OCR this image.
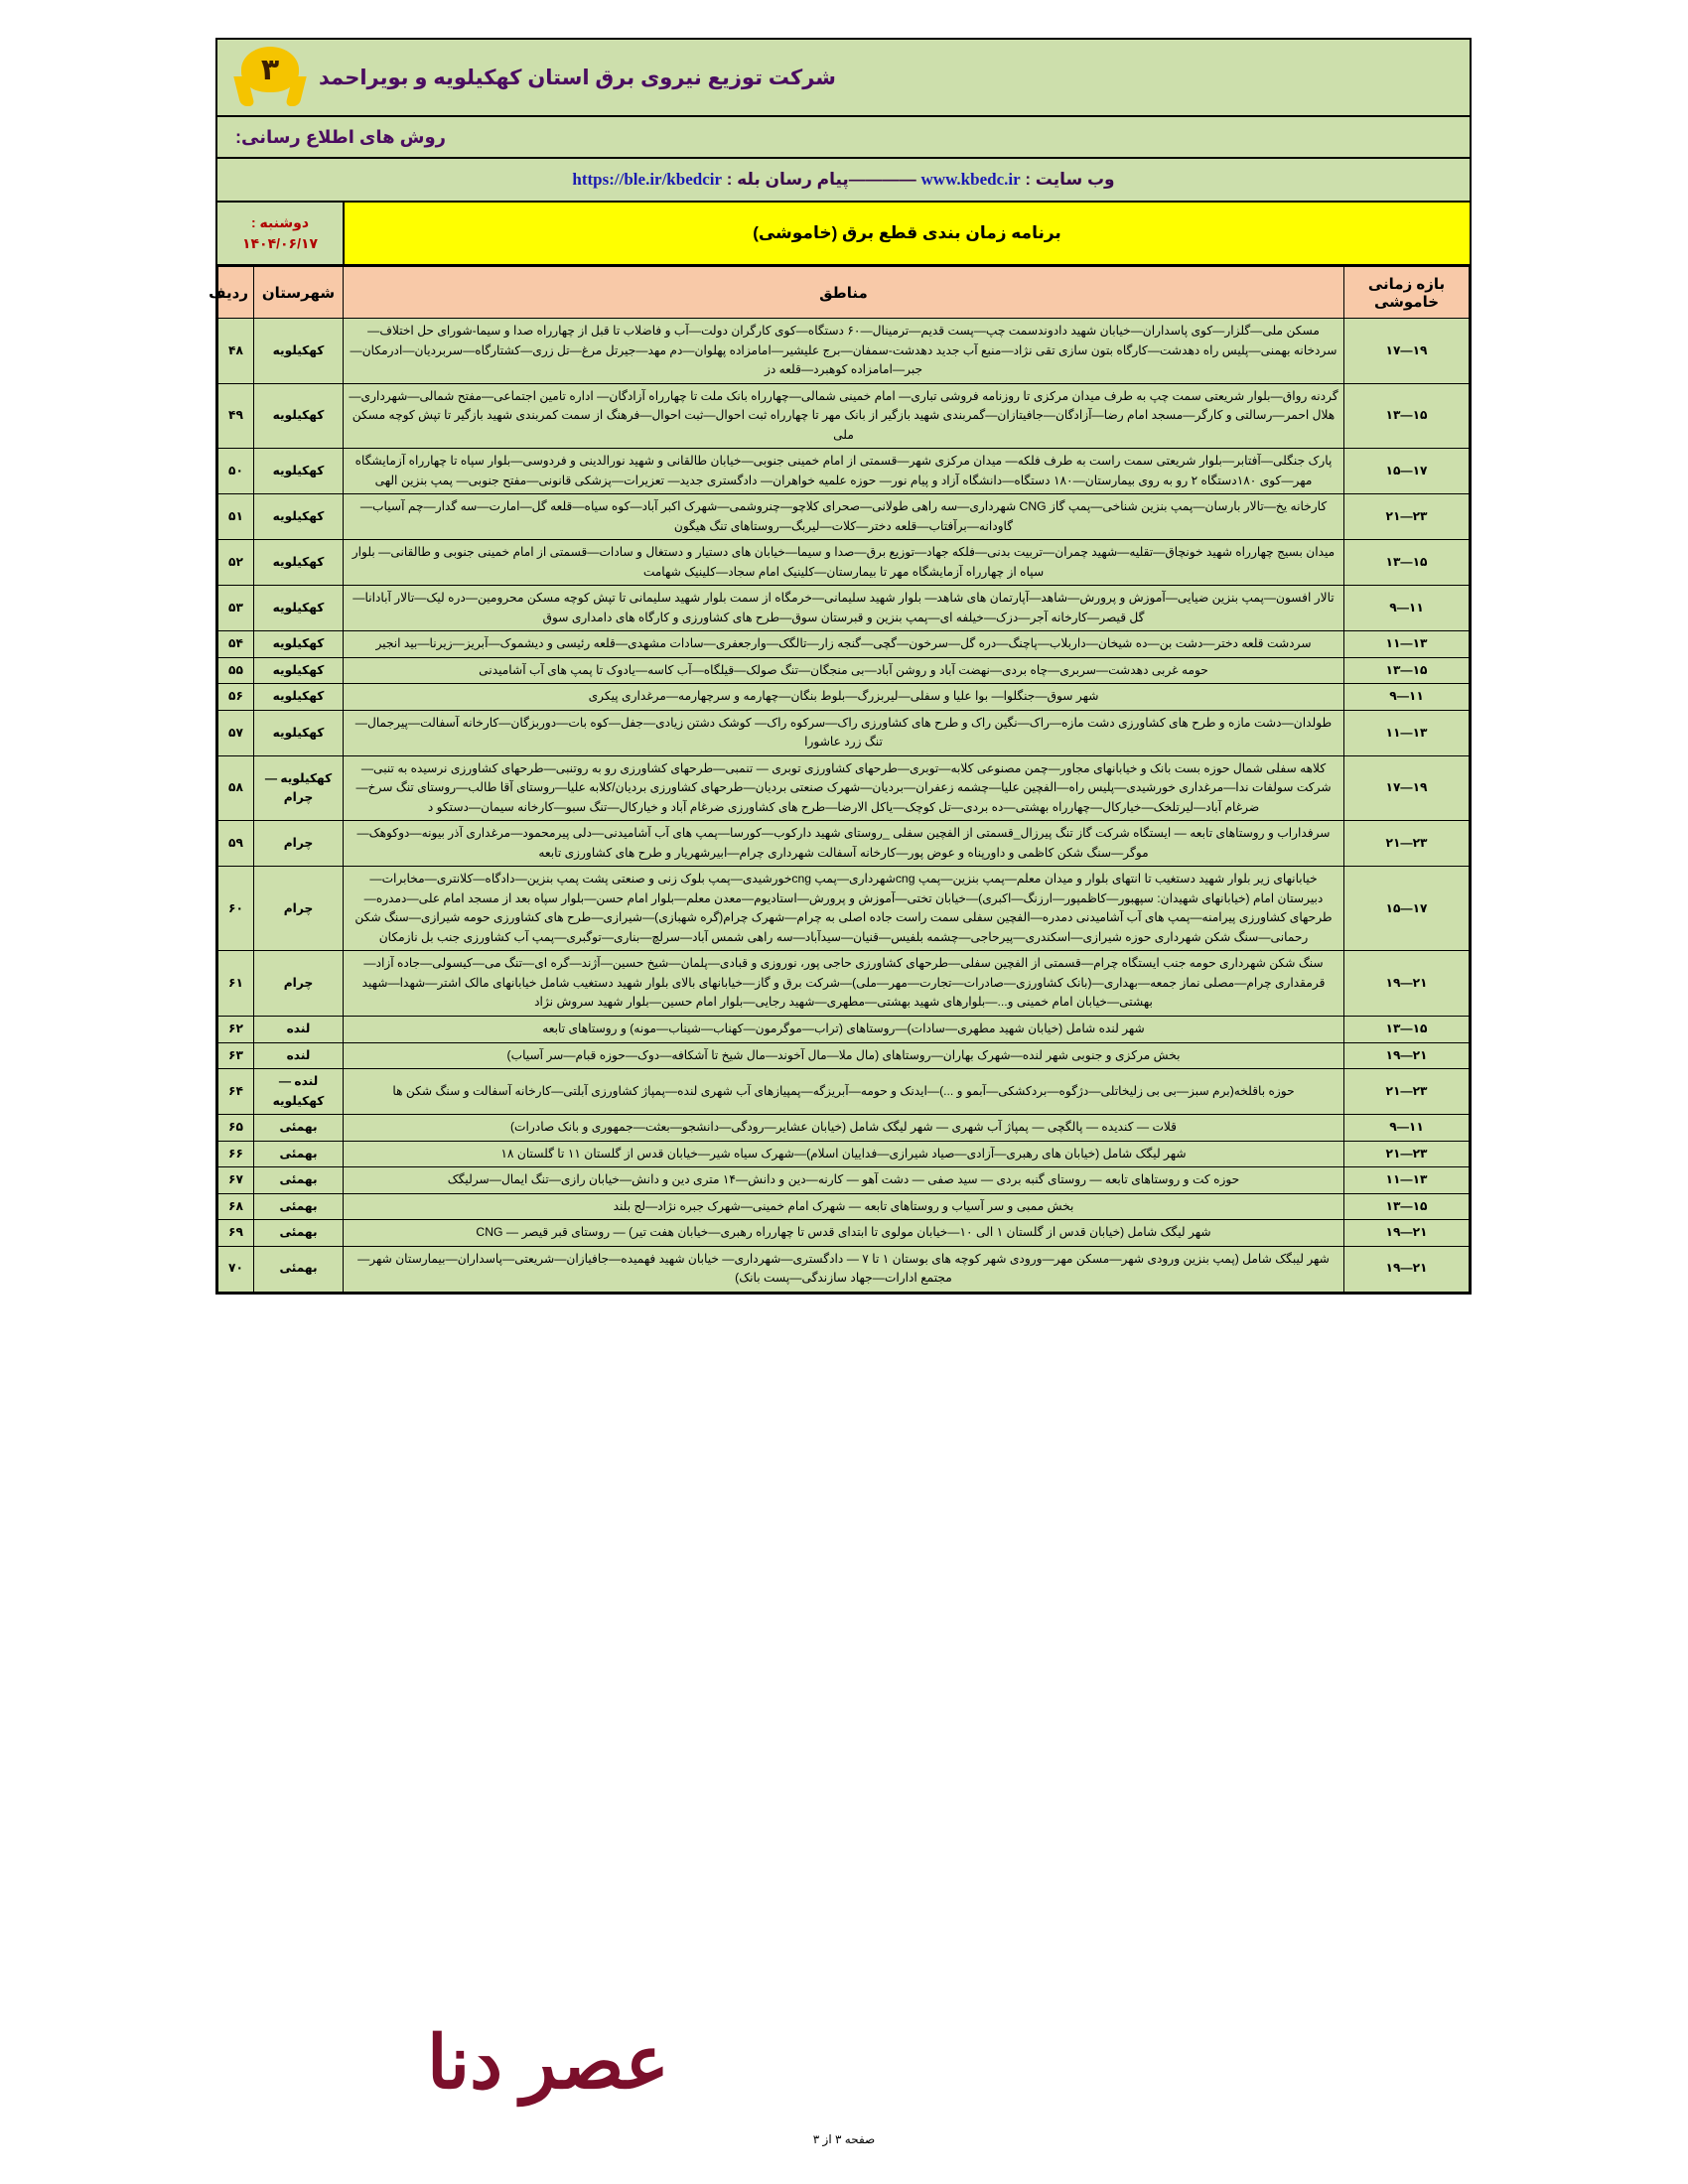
شرکت توزیع نیروی برق استان کهکیلویه و بویراحمد
۳
روش های اطلاع رسانی:
وب سایت : www.kbedc.ir ————پیام رسان بله : https://ble.ir/kbedcir
برنامه زمان بندی قطع برق (خاموشی)
دوشنبه :
۱۴۰۴/۰۶/۱۷
بازه زمانی خاموشی	مناطق	شهرستان	ردیف
۱۹—۱۷	مسکن ملی—گلزار—کوی پاسداران—خیابان شهید دادوندسمت چپ—پست قدیم—ترمینال—۶۰ دستگاه—کوی کارگران دولت—آب و فاضلاب تا قبل از چهارراه صدا و سیما-شورای حل اختلاف—سردخانه بهمنی—پلیس راه دهدشت—کارگاه بتون سازی تقی نژاد—منبع آب جدید دهدشت-سمفان—برج علیشیر—امامزاده پهلوان—دم مهد—جیرتل مرغ—تل زری—کشتارگاه—سربردیان—ادرمکان—جبر—امامزاده کوهبرد—قلعه دز	کهکیلویه	۴۸
۱۵—۱۳	گردنه رواق—بلوار شریعتی سمت چپ به طرف میدان مرکزی تا روزنامه فروشی تباری— امام خمینی شمالی—چهارراه بانک ملت تا چهارراه آزادگان— اداره تامین اجتماعی—مفتح شمالی—شهرداری—هلال احمر—رسالتی و کارگر—مسجد امام رضا—آزادگان—جافیتازان—گمربندی شهید بازگیر از بانک مهر تا چهارراه ثبت احوال—ثبت احوال—فرهنگ از سمت کمربندی شهید بازگیر تا تپش کوچه مسکن ملی	کهکیلویه	۴۹
۱۷—۱۵	پارک جنگلی—آفتابر—بلوار شریعتی سمت راست به طرف فلکه— میدان مرکزی شهر—قسمتی از امام خمینی جنوبی—خیابان طالقانی و شهید نورالدینی و فردوسی—بلوار سپاه تا چهارراه آزمایشگاه مهر—کوی ۱۸۰دستگاه ۲ رو به روی بیمارستان—۱۸۰ دستگاه—دانشگاه آزاد و پیام نور— حوزه علمیه خواهران— دادگستری جدید— تعزیرات—پزشکی قانونی—مفتح جنوبی— پمپ بنزین الهی	کهکیلویه	۵۰
۲۳—۲۱	کارخانه یخ—تالار بارسان—پمپ بنزین شناخی—پمپ گاز CNG شهرداری—سه راهی طولانی—صحرای کلاچو—چنروشمی—شهرک اکبر آباد—کوه سیاه—قلعه گل—امارت—سه گدار—چم آسیاب—گاودانه—برآفتاب—قلعه دختر—کلات—لیربگ—روستاهای تنگ هیگون	کهکیلویه	۵۱
۱۵—۱۳	میدان بسیج چهارراه شهید خونچاق—تقلیه—شهید چمران—تربیت بدنی—فلکه جهاد—توزیع برق—صدا و سیما—خیابان های دستیار و دستغال و سادات—قسمتی از امام خمینی جنوبی و طالقانی— بلوار سپاه از چهارراه آزمایشگاه مهر تا بیمارستان—کلینیک امام سجاد—کلینیک شهامت	کهکیلویه	۵۲
۱۱—۹	تالار افسون—پمپ بنزین ضیایی—آموزش و پرورش—شاهد—آپارتمان های شاهد— بلوار شهید سلیمانی—خرمگاه از سمت بلوار شهید سلیمانی تا تپش کوچه مسکن محرومین—دره لیک—تالار آبادانا—گل قیصر—کارخانه آجر—دزک—خیلفه ای—پمپ بنزین و قبرستان سوق—طرح های کشاورزی و کارگاه های دامداری سوق	کهکیلویه	۵۳
۱۳—۱۱	سردشت قلعه دختر—دشت بن—ده شیخان—داربلاب—پاچنگ—دره گل—سرخون—گچی—گنجه زار—تالگک—وارجعفری—سادات مشهدی—قلعه رئیسی و دیشموک—آبریز—زیرنا—بید انجیر	کهکیلویه	۵۴
۱۵—۱۳	حومه غربی دهدشت—سربری—چاه بردی—نهضت آباد و روشن آباد—بی منجگان—تنگ صولک—قیلگاه—آب کاسه—یادوک تا پمپ های آب آشامیدنی	کهکیلویه	۵۵
۱۱—۹	شهر سوق—جنگلوا— بوا علیا و سفلی—لیربزرگ—بلوط بنگان—چهارمه و سرچهارمه—مرغداری پیکری	کهکیلویه	۵۶
۱۳—۱۱	طولدان—دشت مازه و طرح های کشاورزی دشت مازه—راک—نگین راک و طرح های کشاورزی راک—سرکوه راک— کوشک دشتن زیادی—جفل—کوه بات—دوربزگان—کارخانه آسفالت—پیرجمال—تنگ زرد عاشورا	کهکیلویه	۵۷
۱۹—۱۷	کلاهه سفلی شمال حوزه بست بانک و خیابانهای مجاور—چمن مصنوعی کلابه—توبری—طرحهای کشاورزی توبری — تنمبی—طرحهای کشاورزی رو به روتنبی—طرحهای کشاورزی نرسیده به تنبی—شرکت سولفات ندا—مرغداری خورشیدی—پلیس راه—الفچین علیا—چشمه زعفران—بردیان—شهرک صنعتی بردیان—طرحهای کشاورزی بردیان/کلابه علیا—روستای آقا طالب—روستای تنگ سرخ—ضرغام آباد—لیرتلخک—خیارکال—چهارراه بهشتی—ده بردی—تل کوچک—یاکل الارضا—طرح های کشاورزی ضرغام آباد و خیارکال—تنگ سبو—کارخانه سیمان—دستکو د	کهکیلویه — چرام	۵۸
۲۳—۲۱	سرفداراب و روستاهای تابعه — ایستگاه شرکت گاز تنگ پیرزال_قسمتی از الفچین سفلی _روستای شهید دارکوب—کورسا—پمپ های آب آشامیدنی—دلی پیرمحمود—مرغداری آذر بیونه—دوکوهک—موگر—سنگ شکن کاظمی و داورپناه و عوض پور—کارخانه آسفالت شهرداری چرام—ابیرشهریار و طرح های کشاورزی تابعه	چرام	۵۹
۱۷—۱۵	خیابانهای زیر بلوار شهید دستغیب تا انتهای بلوار و میدان معلم—پمپ بنزین—پمپ cngشهرداری—پمپ cngخورشیدی—پمپ بلوک زنی و صنعتی پشت پمپ بنزین—دادگاه—کلانتری—مخابرات—دبیرستان امام (خیابانهای شهیدان: سپهبور—کاظمپور—ارزنگ—اکبری)—خیابان تختی—آموزش و پرورش—استادیوم—معدن معلم—بلوار امام حسن—بلوار سپاه بعد از مسجد امام علی—دمدره—طرحهای کشاورزی پیرامنه—پمپ های آب آشامیدنی دمدره—الفچین سفلی سمت راست جاده اصلی به چرام—شهرک چرام(گره شهبازی)—شیرازی—طرح های کشاورزی حومه شیرازی—سنگ شکن رحمانی—سنگ شکن شهرداری حوزه شیرازی—اسکندری—پیرحاجی—چشمه بلفیس—قنیان—سیدآباد—سه راهی شمس آباد—سرلچ—بناری—توگبری—پمپ آب کشاورزی جنب بل نازمکان	چرام	۶۰
۲۱—۱۹	سنگ شکن شهرداری حومه جنب ایستگاه چرام—قسمتی از الفچین سفلی—طرحهای کشاورزی حاجی پور، نوروزی و قبادی—پلمان—شیخ حسین—آژند—گره ای—تنگ می—کیسولی—جاده آزاد—قرمقداری چرام—مصلی نماز جمعه—بهداری—(بانک کشاورزی—صادرات—تجارت—مهر—ملی)—شرکت برق و گاز—خیابانهای بالای بلوار شهید دستغیب شامل خیابانهای مالک اشتر—شهدا—شهید بهشتی—خیابان امام خمینی و...—بلوارهای شهید بهشتی—مطهری—شهید رجایی—بلوار امام حسین—بلوار شهید سروش نژاد	چرام	۶۱
۱۵—۱۳	شهر لنده شامل (خیابان شهید مطهری—سادات)—روستاهای (تراب—موگرمون—کهناب—شیناب—مونه) و روستاهای تابعه	لنده	۶۲
۲۱—۱۹	بخش مرکزی و جنوبی شهر لنده—شهرک بهاران—روستاهای (مال ملا—مال آخوند—مال شیخ تا آشکافه—دوک—حوزه قبام—سر آسیاب)	لنده	۶۳
۲۳—۲۱	حوزه باقلخه(برم سبز—بی بی زلیخاتلی—دژگوه—بردکشکی—آبمو و ...)—ایدنک و حومه—آبریزگه—پمپیازهای آب شهری لنده—پمپاژ کشاورزی آبلتی—کارخانه آسفالت و سنگ شکن ها	لنده — کهکیلویه	۶۴
۱۱—۹	قلات — کندیده — پالگچی — پمپاژ آب شهری — شهر لیگک شامل (خیابان عشایر—رودگی—دانشجو—بعثت—جمهوری و بانک صادرات)	بهمئی	۶۵
۲۳—۲۱	شهر لیگک شامل (خیابان های رهبری—آزادی—صیاد شیرازی—فداییان اسلام)—شهرک سیاه شیر—خیابان قدس از گلستان ۱۱ تا گلستان ۱۸	بهمئی	۶۶
۱۳—۱۱	حوزه کت و روستاهای تابعه — روستای گنبه بردی — سید صفی — دشت آهو — کارنه—دین و دانش—۱۴ متری دین و دانش—خیابان رازی—تنگ ایمال—سرلیگک	بهمئی	۶۷
۱۵—۱۳	بخش ممبی و سر آسیاب و روستاهای تابعه — شهرک امام خمینی—شهرک جبره نژاد—لج بلند	بهمئی	۶۸
۲۱—۱۹	شهر لیگک شامل (خیابان قدس از گلستان ۱ الی ۱۰—خیابان مولوی تا ابتدای قدس تا چهارراه رهبری—خیابان هفت تیر) — روستای قبر قیصر — CNG	بهمئی	۶۹
۲۱—۱۹	شهر لیبگک شامل (پمپ بنزین ورودی شهر—مسکن مهر—ورودی شهر کوچه های بوستان ۱ تا ۷ — دادگستری—شهرداری— خیابان شهید فهمیده—جافیازان—شریعتی—پاسداران—بیمارستان شهر—مجتمع ادارات—جهاد سازندگی—پست بانک)	بهمئی	۷۰
عصر دنا
صفحه ۳ از ۳
